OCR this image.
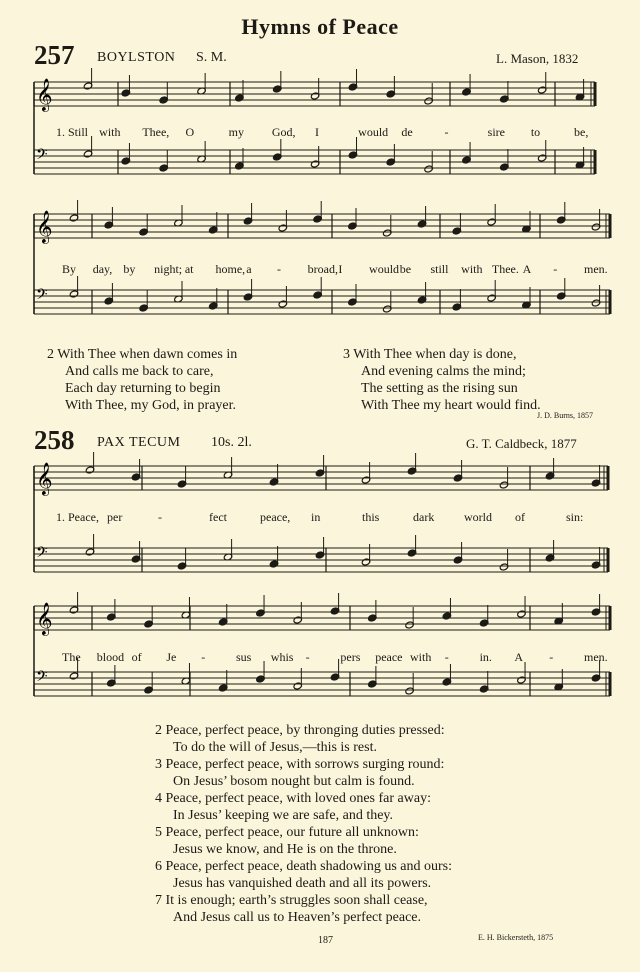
Hymns of Peace
257 BOYLSTON S. M.	L. Mason, 1832
𝄞
𝄢
𝄞
𝄢
𝄞
𝄢
𝄞
𝄢
1. Still with Thee, O	my God, I	would de	-	sire to	be,
By day, by night; at home, a - broad, I would be still with Thee. A - men.
2 With Thee when dawn comes in
And calls me back to care,
Each day returning to begin
With Thee, my God, in prayer.
3 With Thee when day is done,
And evening calms the mind;
The setting as the rising sun
With Thee my heart would find.
J. D. Burns, 1857
258 PAX TECUM 10s. 2l.	G. T. Caldbeck, 1877
1. Peace, per	-	fect	peace, in	this	dark world of	sin:
The blood of Je -	sus whis -	pers peace with -	in. A -	men.
2 Peace, perfect peace, by thronging duties pressed:
To do the will of Jesus,—this is rest.
3 Peace, perfect peace, with sorrows surging round:
On Jesus’ bosom nought but calm is found.
4 Peace, perfect peace, with loved ones far away:
In Jesus’ keeping we are safe, and they.
5 Peace, perfect peace, our future all unknown:
Jesus we know, and He is on the throne.
6 Peace, perfect peace, death shadowing us and ours:
Jesus has vanquished death and all its powers.
7 It is enough; earth’s struggles soon shall cease,
And Jesus call us to Heaven’s perfect peace.
187	E. H. Bickersteth, 1875
